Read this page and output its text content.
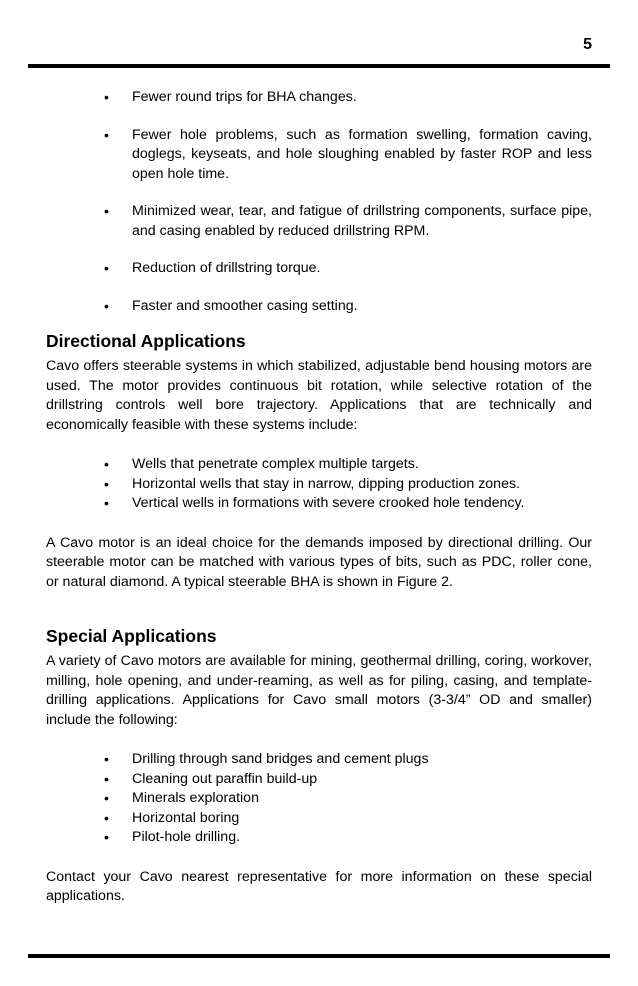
5
• Fewer round trips for BHA changes.
• Fewer hole problems, such as formation swelling, formation caving, doglegs, keyseats, and hole sloughing enabled by faster ROP and less open hole time.
• Minimized wear, tear, and fatigue of drillstring components, surface pipe, and casing enabled by reduced drillstring RPM.
• Reduction of drillstring torque.
• Faster and smoother casing setting.
Directional Applications

Cavo offers steerable systems in which stabilized, adjustable bend housing motors are used. The motor provides continuous bit rotation, while selective rotation of the drillstring controls well bore trajectory. Applications that are technically and economically feasible with these systems include:

• Wells that penetrate complex multiple targets.
• Horizontal wells that stay in narrow, dipping production zones.
• Vertical wells in formations with severe crooked hole tendency.

A Cavo motor is an ideal choice for the demands imposed by directional drilling. Our steerable motor can be matched with various types of bits, such as PDC, roller cone, or natural diamond. A typical steerable BHA is shown in Figure 2.

Special Applications

A variety of Cavo motors are available for mining, geothermal drilling, coring, workover, milling, hole opening, and under-reaming, as well as for piling, casing, and template-drilling applications. Applications for Cavo small motors (3-3/4” OD and smaller) include the following:

• Drilling through sand bridges and cement plugs
• Cleaning out paraffin build-up
• Minerals exploration
• Horizontal boring
• Pilot-hole drilling.

Contact your Cavo nearest representative for more information on these special applications.
